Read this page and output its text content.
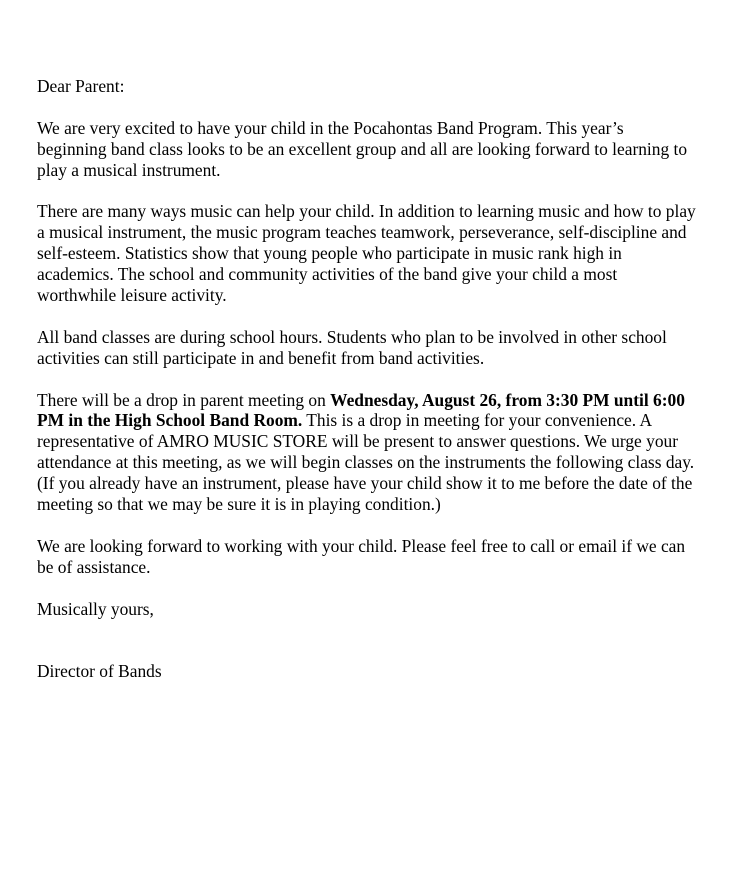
Dear Parent:

We are very excited to have your child in the Pocahontas Band Program. This year’s beginning band class looks to be an excellent group and all are looking forward to learning to play a musical instrument.

There are many ways music can help your child. In addition to learning music and how to play a musical instrument, the music program teaches teamwork, perseverance, self-discipline and self-esteem. Statistics show that young people who participate in music rank high in academics. The school and community activities of the band give your child a most worthwhile leisure activity.

All band classes are during school hours. Students who plan to be involved in other school activities can still participate in and benefit from band activities.

There will be a drop in parent meeting on Wednesday, August 26, from 3:30 PM until 6:00 PM in the High School Band Room. This is a drop in meeting for your convenience. A representative of AMRO MUSIC STORE will be present to answer questions. We urge your attendance at this meeting, as we will begin classes on the instruments the following class day. (If you already have an instrument, please have your child show it to me before the date of the meeting so that we may be sure it is in playing condition.)

We are looking forward to working with your child. Please feel free to call or email if we can be of assistance.

Musically yours,

Director of Bands
